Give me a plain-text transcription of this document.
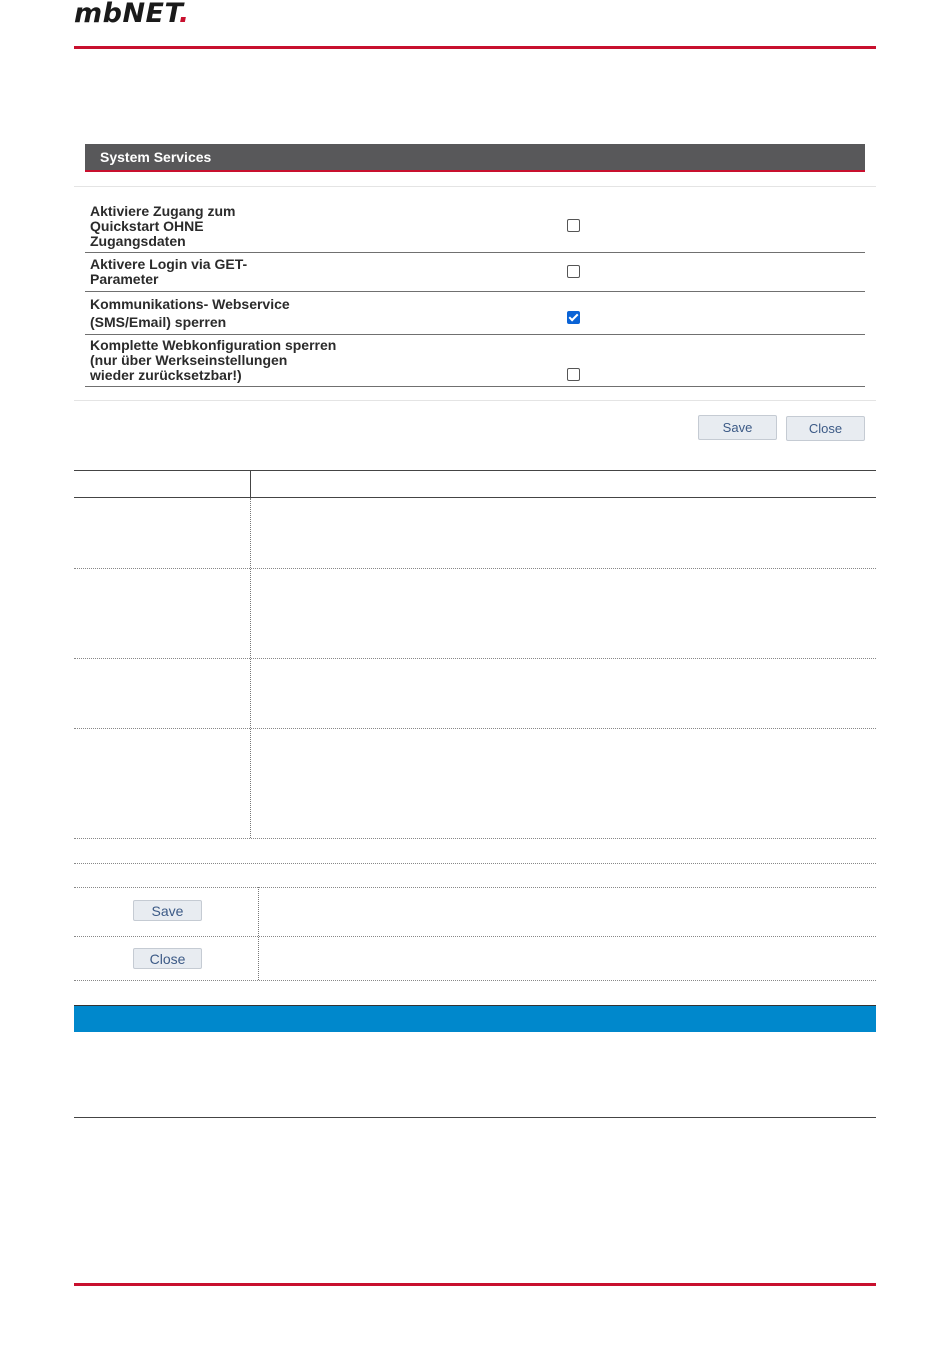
mbNET.
System Services
Aktiviere Zugang zum
Quickstart OHNE
Zugangsdaten
Aktivere Login via GET-
Parameter
Kommunikations- Webservice
(SMS/Email) sperren
Komplette Webkonfiguration sperren
(nur über Werkseinstellungen
wieder zurücksetzbar!)
Save	Close
Save
Close
